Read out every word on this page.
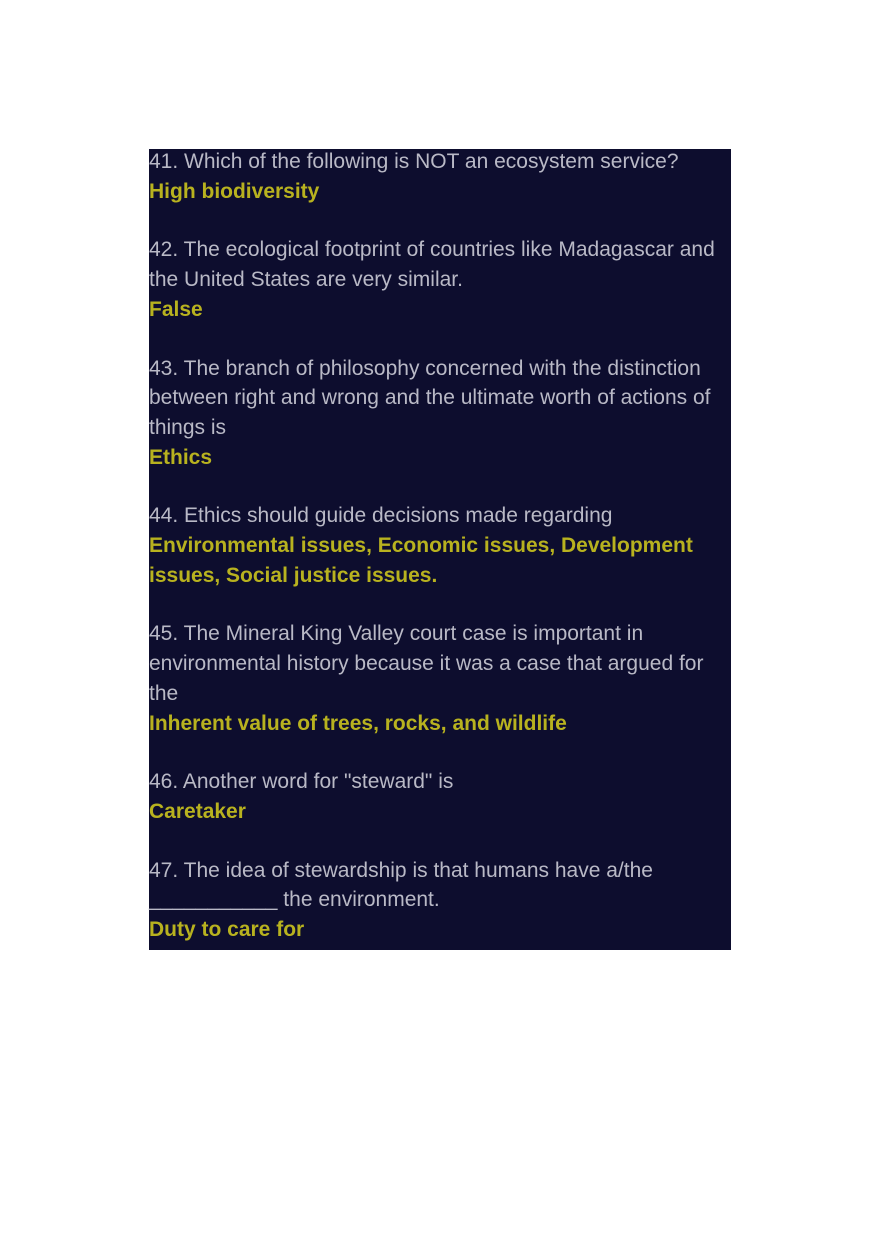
41. Which of the following is NOT an ecosystem service?

High biodiversity

42. The ecological footprint of countries like Madagascar and the United States are very similar.

False

43. The branch of philosophy concerned with the distinction between right and wrong and the ultimate worth of actions of things is

Ethics

44. Ethics should guide decisions made regarding

Environmental issues, Economic issues, Development issues, Social justice issues.

45. The Mineral King Valley court case is important in environmental history because it was a case that argued for the

Inherent value of trees, rocks, and wildlife

46. Another word for "steward" is

Caretaker

47. The idea of stewardship is that humans have a/the ___________ the environment.

Duty to care for
